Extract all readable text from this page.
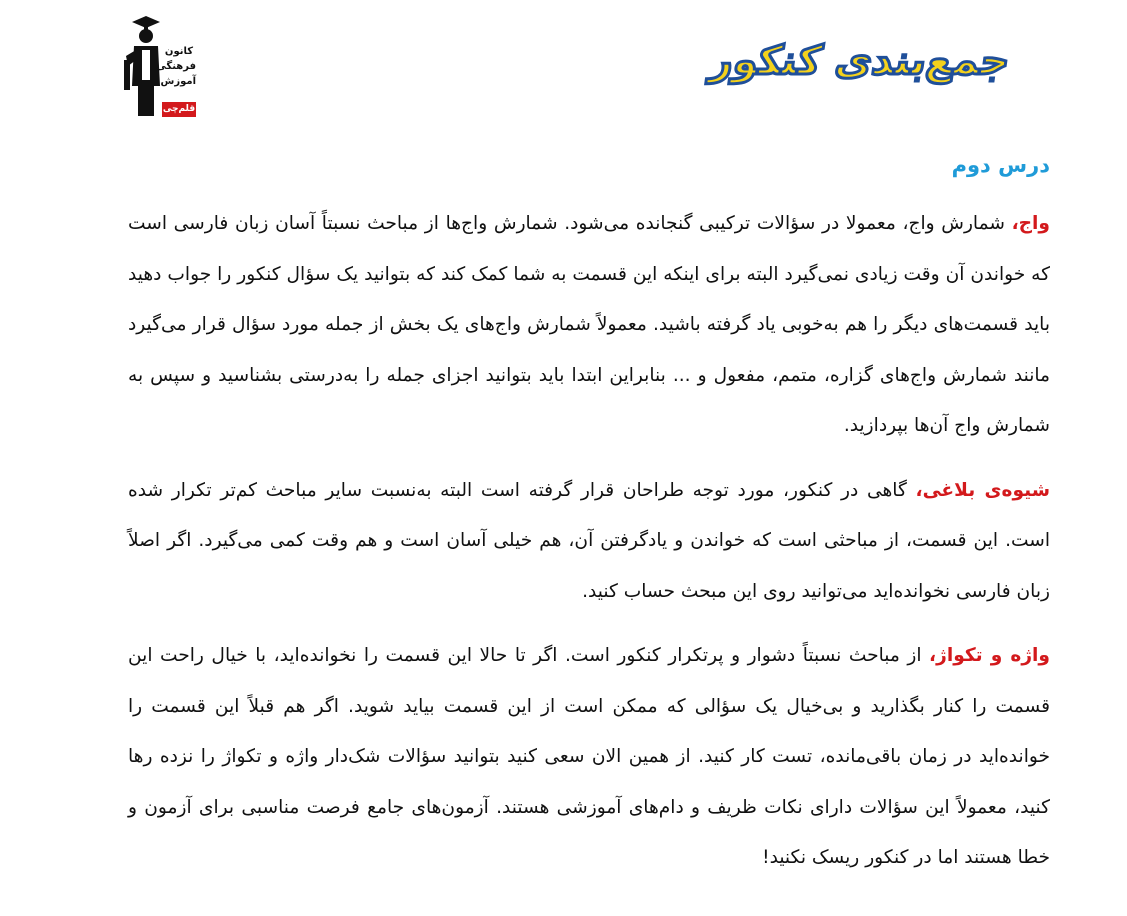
کانون
فرهنگی
آموزش
قلم‌چی
جمع‌بندی کنکور
درس دوم

واج، شمارش واج، معمولا در سؤالات ترکیبی گنجانده می‌شود. شمارش واج‌ها از مباحث نسبتاً آسان زبان فارسی است که خواندن آن وقت زیادی نمی‌گیرد البته برای اینکه این قسمت به شما کمک کند که بتوانید یک سؤال کنکور را جواب دهید باید قسمت‌های دیگر را هم به‌خوبی یاد گرفته باشید. معمولاً شمارش واج‌های یک بخش از جمله مورد سؤال قرار می‌گیرد مانند شمارش واج‌های گزاره، متمم، مفعول و ... بنابراین ابتدا باید بتوانید اجزای جمله را به‌درستی بشناسید و سپس به شمارش واج آن‌ها بپردازید.

شیوه‌ی بلاغی، گاهی در کنکور، مورد توجه طراحان قرار گرفته است البته به‌نسبت سایر مباحث کم‌تر تکرار شده است. این قسمت، از مباحثی است که خواندن و یادگرفتن آن، هم خیلی آسان است و هم وقت کمی می‌گیرد. اگر اصلاً زبان فارسی نخوانده‌اید می‌توانید روی این مبحث حساب کنید.

واژه و تکواژ، از مباحث نسبتاً دشوار و پرتکرار کنکور است. اگر تا حالا این قسمت را نخوانده‌اید، با خیال راحت این قسمت را کنار بگذارید و بی‌خیال یک سؤالی که ممکن است از این قسمت بیاید شوید. اگر هم قبلاً این قسمت را خوانده‌اید در زمان باقی‌مانده، تست کار کنید. از همین الان سعی کنید بتوانید سؤالات شک‌دار واژه و تکواژ را نزده رها کنید، معمولاً این سؤالات دارای نکات ظریف و دام‌های آموزشی هستند. آزمون‌های جامع فرصت مناسبی برای آزمون و خطا هستند اما در کنکور ریسک نکنید!
